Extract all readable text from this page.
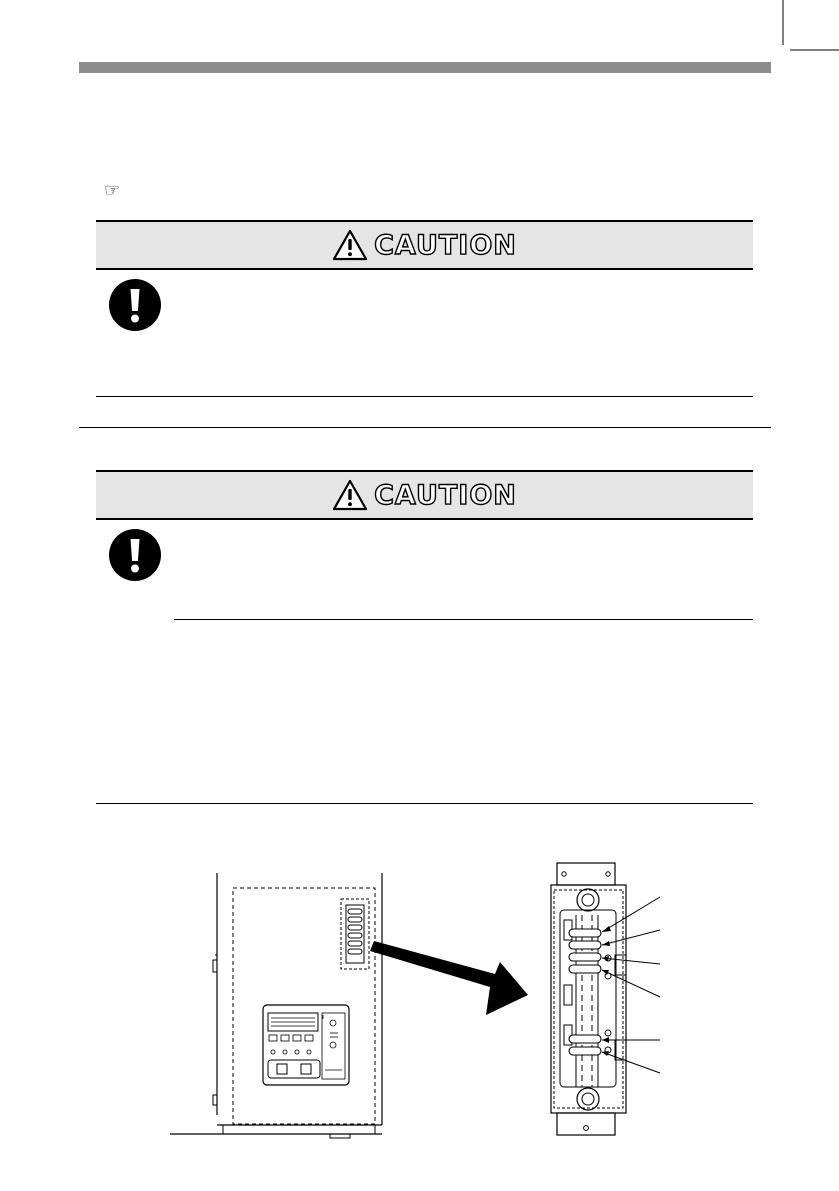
☞
CAUTION
CAUTION
